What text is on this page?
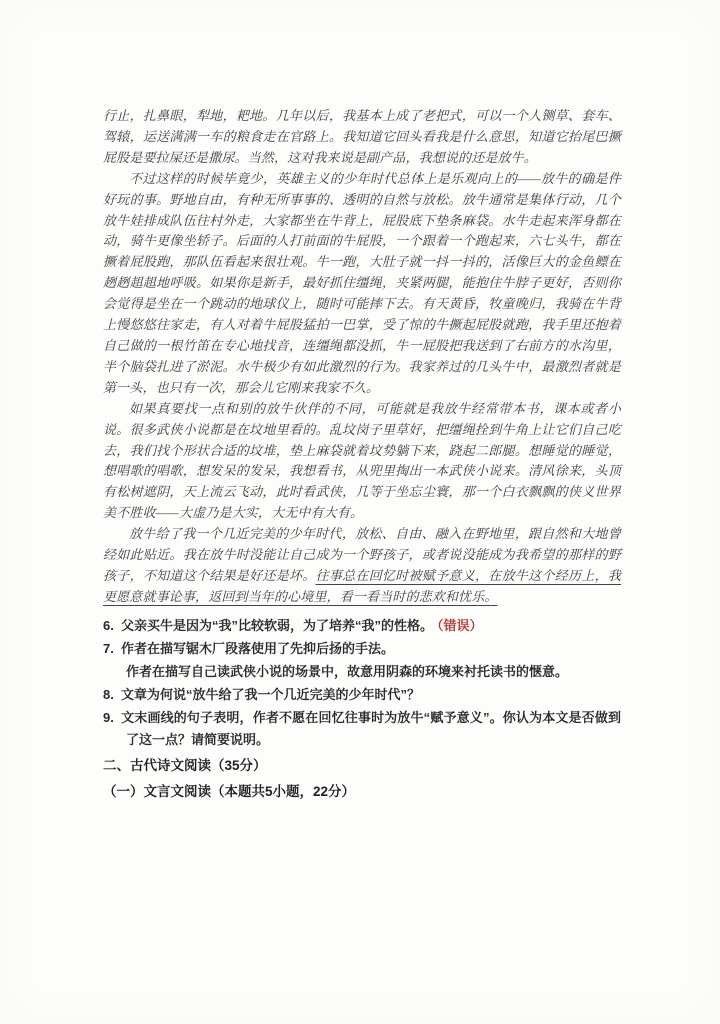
行止，扎鼻眼，犁地，耙地。几年以后，我基本上成了老把式，可以一个人铡草、套车、驾辕，运送满满一车的粮食走在官路上。我知道它回头看我是什么意思，知道它抬尾巴撅屁股是要拉屎还是撒尿。当然，这对我来说是副产品，我想说的还是放牛。

不过这样的时候毕竟少，英雄主义的少年时代总体上是乐观向上的——放牛的确是件好玩的事。野地自由，有种无所事事的、透明的自然与放松。放牛通常是集体行动，几个放牛娃排成队伍往村外走，大家都坐在牛背上，屁股底下垫条麻袋。水牛走起来浑身都在动，骑牛更像坐轿子。后面的人打前面的牛屁股，一个跟着一个跑起来，六七头牛，都在撅着屁股跑，那队伍看起来很壮观。牛一跑，大肚子就一抖一抖的，活像巨大的金鱼鳔在趔趔趄趄地呼吸。如果你是新手，最好抓住缰绳，夹紧两腿，能抱住牛脖子更好，否则你会觉得是坐在一个跳动的地球仪上，随时可能摔下去。有天黄昏，牧童晚归，我骑在牛背上慢悠悠往家走，有人对着牛屁股猛拍一巴掌，受了惊的牛撅起屁股就跑，我手里还抱着自己做的一根竹笛在专心地找音，连缰绳都没抓，牛一屁股把我送到了右前方的水沟里，半个脑袋扎进了淤泥。水牛极少有如此激烈的行为。我家养过的几头牛中，最激烈者就是第一头，也只有一次，那会儿它刚来我家不久。

如果真要找一点和别的放牛伙伴的不同，可能就是我放牛经常带本书，课本或者小说。很多武侠小说都是在坟地里看的。乱坟岗子里草好，把缰绳拴到牛角上让它们自己吃去，我们找个形状合适的坟堆，垫上麻袋就着坟势躺下来，跷起二郎腿。想睡觉的睡觉，想唱歌的唱歌，想发呆的发呆，我想看书，从兜里掏出一本武侠小说来。清风徐来，头顶有松树遮阴，天上流云飞动，此时看武侠，几等于坐忘尘寰，那一个白衣飘飘的侠义世界美不胜收——大虚乃是大实，大无中有大有。

放牛给了我一个几近完美的少年时代，放松、自由、融入在野地里，跟自然和大地曾经如此贴近。我在放牛时没能让自己成为一个野孩子，或者说没能成为我希望的那样的野孩子，不知道这个结果是好还是坏。往事总在回忆时被赋予意义，在放牛这个经历上，我更愿意就事论事，返回到当年的心境里，看一看当时的悲欢和忧乐。

6. 父亲买牛是因为“我”比较软弱，为了培养“我”的性格。 （错误）
7. 作者在描写锯木厂段落使用了先抑后扬的手法。
作者在描写自己读武侠小说的场景中，故意用阴森的环境来衬托读书的惬意。
8. 文章为何说“放牛给了我一个几近完美的少年时代”？
9. 文末画线的句子表明，作者不愿在回忆往事时为放牛“赋予意义”。你认为本文是否做到了这一点？请简要说明。
二、古代诗文阅读（35分）
（一）文言文阅读（本题共5小题，22分）
